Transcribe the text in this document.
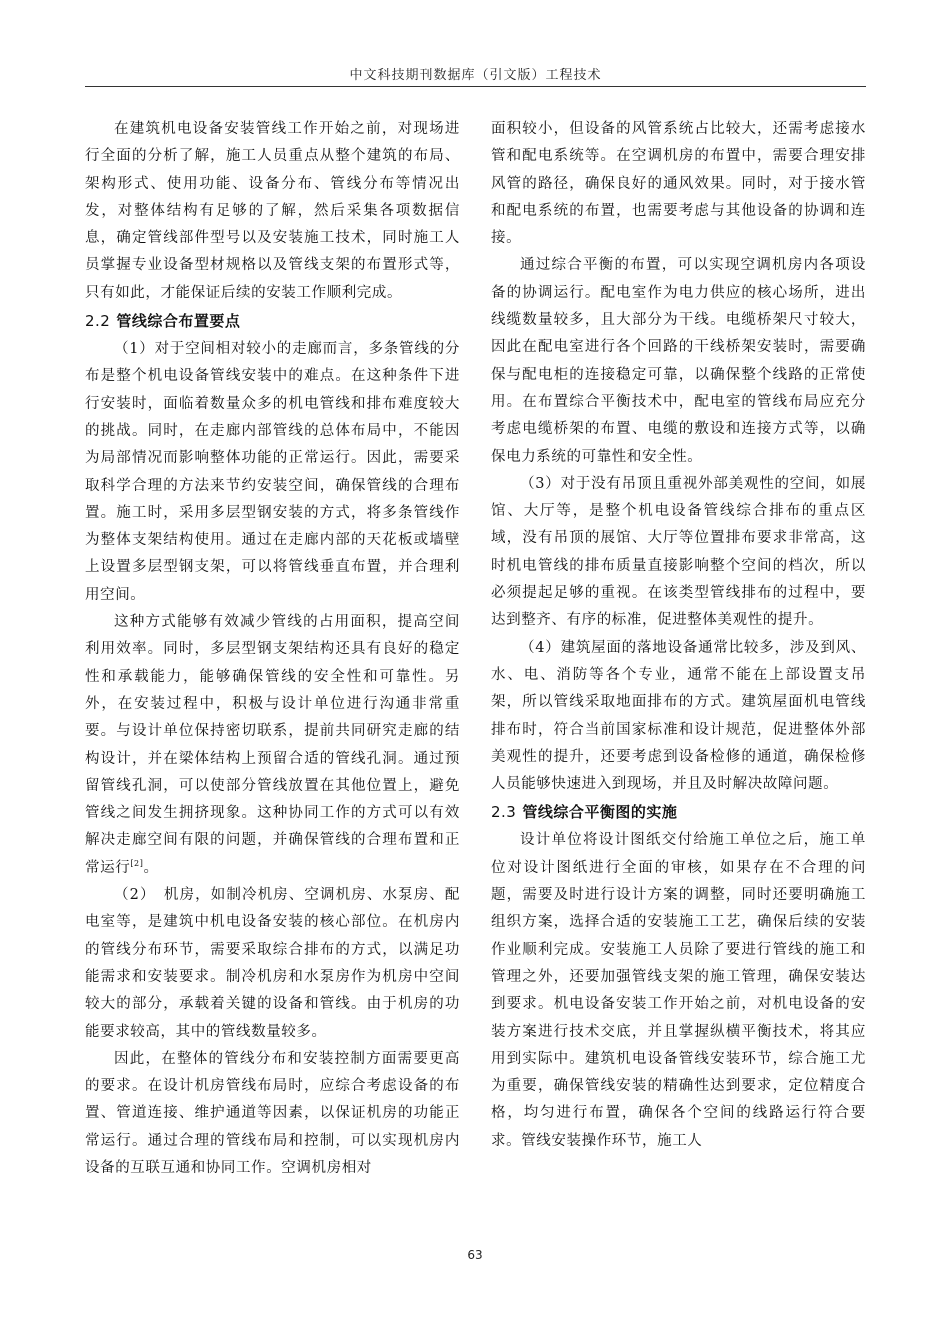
中文科技期刊数据库（引文版）工程技术

在建筑机电设备安装管线工作开始之前，对现场进行全面的分析了解，施工人员重点从整个建筑的布局、架构形式、使用功能、设备分布、管线分布等情况出发，对整体结构有足够的了解，然后采集各项数据信息，确定管线部件型号以及安装施工技术，同时施工人员掌握专业设备型材规格以及管线支架的布置形式等，只有如此，才能保证后续的安装工作顺利完成。

2.2 管线综合布置要点

（1）对于空间相对较小的走廊而言，多条管线的分布是整个机电设备管线安装中的难点。在这种条件下进行安装时，面临着数量众多的机电管线和排布难度较大的挑战。同时，在走廊内部管线的总体布局中，不能因为局部情况而影响整体功能的正常运行。因此，需要采取科学合理的方法来节约安装空间，确保管线的合理布置。施工时，采用多层型钢安装的方式，将多条管线作为整体支架结构使用。通过在走廊内部的天花板或墙壁上设置多层型钢支架，可以将管线垂直布置，并合理利用空间。

这种方式能够有效减少管线的占用面积，提高空间利用效率。同时，多层型钢支架结构还具有良好的稳定性和承载能力，能够确保管线的安全性和可靠性。另外，在安装过程中，积极与设计单位进行沟通非常重要。与设计单位保持密切联系，提前共同研究走廊的结构设计，并在梁体结构上预留合适的管线孔洞。通过预留管线孔洞，可以使部分管线放置在其他位置上，避免管线之间发生拥挤现象。这种协同工作的方式可以有效解决走廊空间有限的问题，并确保管线的合理布置和正常运行[2]。

（2）　机房，如制冷机房、空调机房、水泵房、配电室等，是建筑中机电设备安装的核心部位。在机房内的管线分布环节，需要采取综合排布的方式，以满足功能需求和安装要求。制冷机房和水泵房作为机房中空间较大的部分，承载着关键的设备和管线。由于机房的功能要求较高，其中的管线数量较多。

因此，在整体的管线分布和安装控制方面需要更高的要求。在设计机房管线布局时，应综合考虑设备的布置、管道连接、维护通道等因素，以保证机房的功能正常运行。通过合理的管线布局和控制，可以实现机房内设备的互联互通和协同工作。空调机房相对

面积较小，但设备的风管系统占比较大，还需考虑接水管和配电系统等。在空调机房的布置中，需要合理安排风管的路径，确保良好的通风效果。同时，对于接水管和配电系统的布置，也需要考虑与其他设备的协调和连接。

通过综合平衡的布置，可以实现空调机房内各项设备的协调运行。配电室作为电力供应的核心场所，进出线缆数量较多，且大部分为干线。电缆桥架尺寸较大，因此在配电室进行各个回路的干线桥架安装时，需要确保与配电柜的连接稳定可靠，以确保整个线路的正常使用。在布置综合平衡技术中，配电室的管线布局应充分考虑电缆桥架的布置、电缆的敷设和连接方式等，以确保电力系统的可靠性和安全性。

（3）对于没有吊顶且重视外部美观性的空间，如展馆、大厅等，是整个机电设备管线综合排布的重点区域，没有吊顶的展馆、大厅等位置排布要求非常高，这时机电管线的排布质量直接影响整个空间的档次，所以必须提起足够的重视。在该类型管线排布的过程中，要达到整齐、有序的标准，促进整体美观性的提升。

（4）建筑屋面的落地设备通常比较多，涉及到风、水、电、消防等各个专业，通常不能在上部设置支吊架，所以管线采取地面排布的方式。建筑屋面机电管线排布时，符合当前国家标准和设计规范，促进整体外部美观性的提升，还要考虑到设备检修的通道，确保检修人员能够快速进入到现场，并且及时解决故障问题。

2.3 管线综合平衡图的实施

设计单位将设计图纸交付给施工单位之后，施工单位对设计图纸进行全面的审核，如果存在不合理的问题，需要及时进行设计方案的调整，同时还要明确施工组织方案，选择合适的安装施工工艺，确保后续的安装作业顺利完成。安装施工人员除了要进行管线的施工和管理之外，还要加强管线支架的施工管理，确保安装达到要求。机电设备安装工作开始之前，对机电设备的安装方案进行技术交底，并且掌握纵横平衡技术，将其应用到实际中。建筑机电设备管线安装环节，综合施工尤为重要，确保管线安装的精确性达到要求，定位精度合格，均匀进行布置，确保各个空间的线路运行符合要求。管线安装操作环节，施工人

63
